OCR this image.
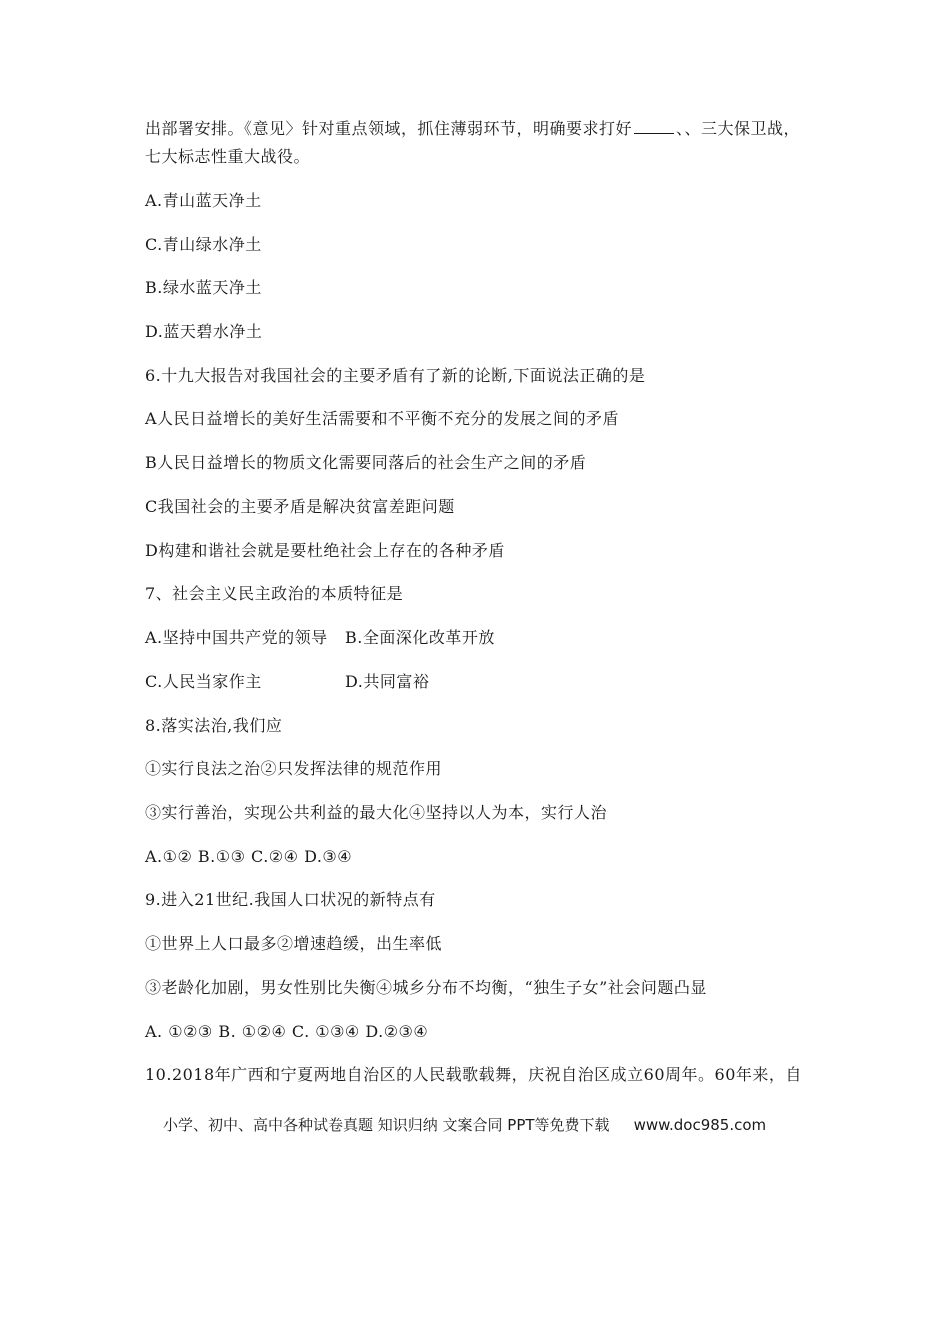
出部署安排。《意见〉针对重点领域，抓住薄弱环节，明确要求打好	、、三大保卫战，
七大标志性重大战役。
A.青山蓝天净土
C.青山绿水净土
B.绿水蓝天净土
D.蓝天碧水净土
6.十九大报告对我国社会的主要矛盾有了新的论断,下面说法正确的是
A人民日益增长的美好生活需要和不平衡不充分的发展之间的矛盾
B人民日益增长的物质文化需要同落后的社会生产之间的矛盾
C我国社会的主要矛盾是解决贫富差距问题
D构建和谐社会就是要杜绝社会上存在的各种矛盾
7、社会主义民主政治的本质特征是
A.坚持中国共产党的领导 B.全面深化改革开放
C.人民当家作主	D.共同富裕
8.落实法治,我们应
①实行良法之治②只发挥法律的规范作用
③实行善治，实现公共利益的最大化④坚持以人为本，实行人治
A.①② B.①③ C.②④ D.③④
9.进入21世纪.我国人口状况的新特点有
①世界上人口最多②增速趋缓，出生率低
③老龄化加剧，男女性别比失衡④城乡分布不均衡，“独生子女”社会问题凸显
A. ①②③ B. ①②④ C. ①③④ D.②③④
10.2018年广西和宁夏两地自治区的人民载歌载舞，庆祝自治区成立60周年。60年来，自
小学、初中、高中各种试卷真题 知识归纳 文案合同 PPT等免费下载 www.doc985.com
